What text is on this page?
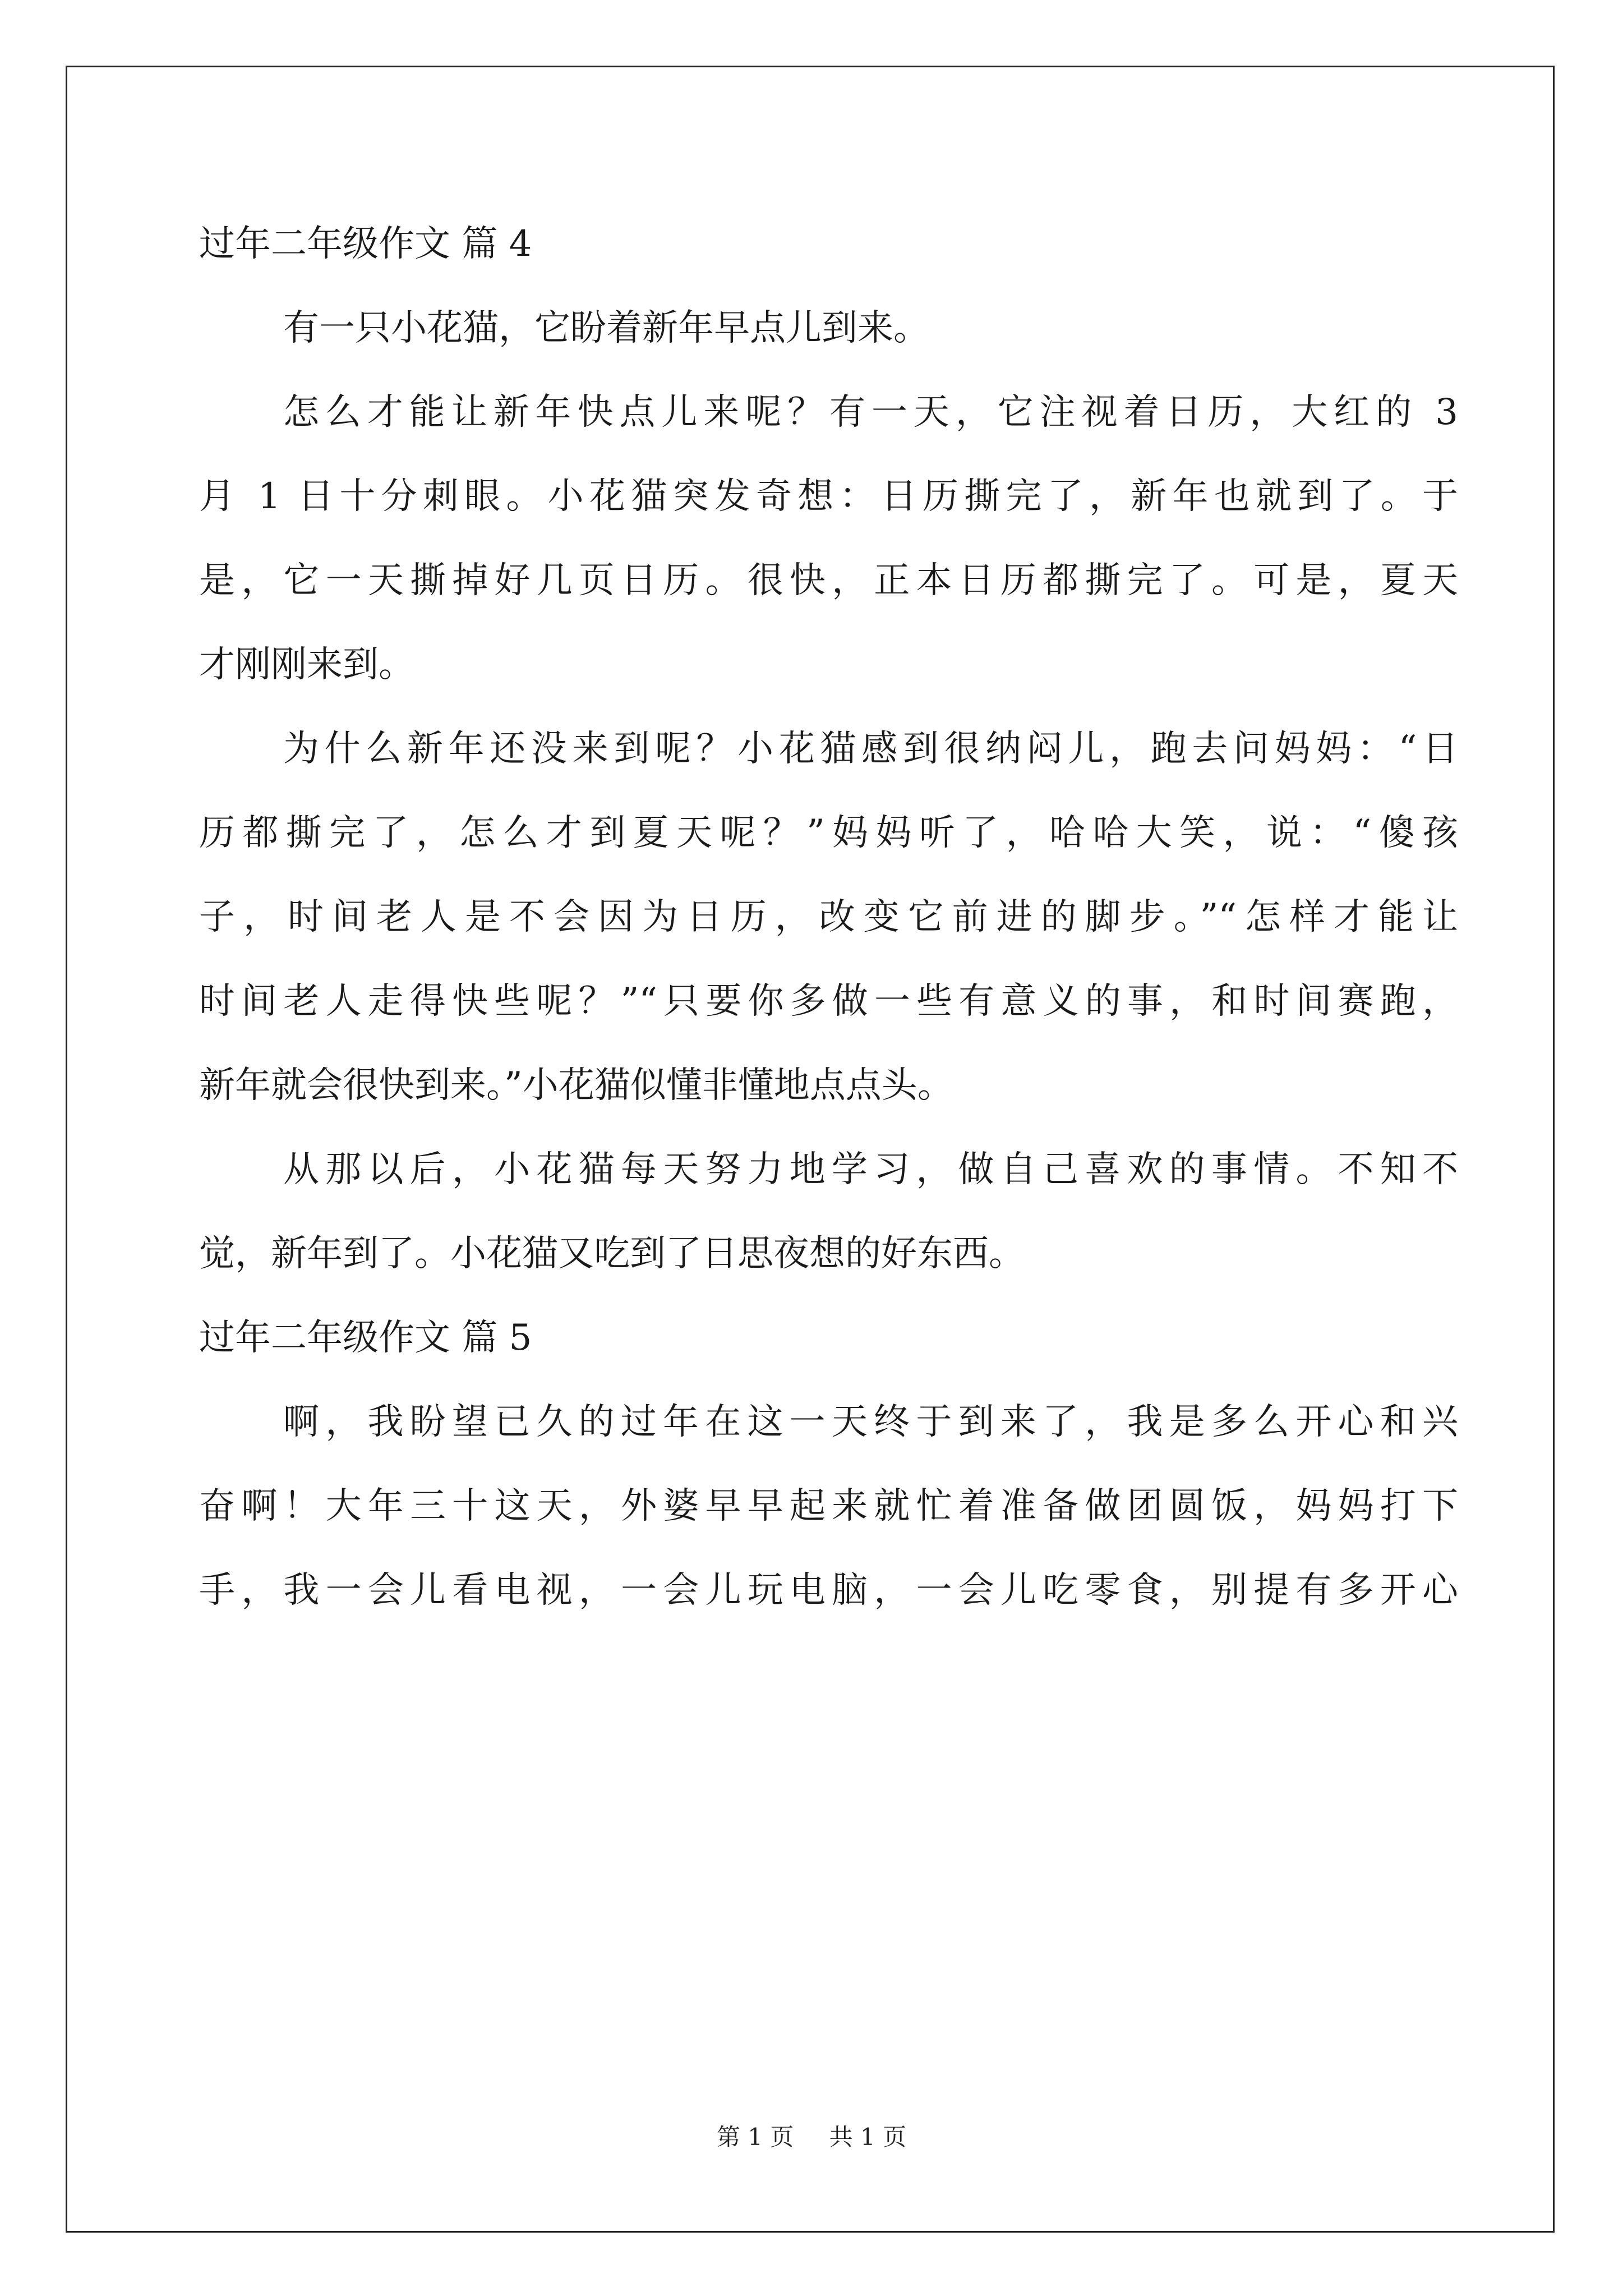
过年二年级作文 篇 4
有一只小花猫，它盼着新年早点儿到来。
怎么才能让新年快点儿来呢？有一天，它注视着日历，大红的 3
月 1 日十分刺眼。小花猫突发奇想：日历撕完了，新年也就到了。于
是，它一天撕掉好几页日历。很快，正本日历都撕完了。可是，夏天
才刚刚来到。
为什么新年还没来到呢？小花猫感到很纳闷儿，跑去问妈妈：“日
历都撕完了，怎么才到夏天呢？”妈妈听了，哈哈大笑，说：“傻孩
子，时间老人是不会因为日历，改变它前进的脚步。”“怎样才能让
时间老人走得快些呢？”“只要你多做一些有意义的事，和时间赛跑，
新年就会很快到来。”小花猫似懂非懂地点点头。
从那以后，小花猫每天努力地学习，做自己喜欢的事情。不知不
觉，新年到了。小花猫又吃到了日思夜想的好东西。
过年二年级作文 篇 5
啊，我盼望已久的过年在这一天终于到来了，我是多么开心和兴
奋啊！大年三十这天，外婆早早起来就忙着准备做团圆饭，妈妈打下
手，我一会儿看电视，一会儿玩电脑，一会儿吃零食，别提有多开心
第 1 页 共 1 页
